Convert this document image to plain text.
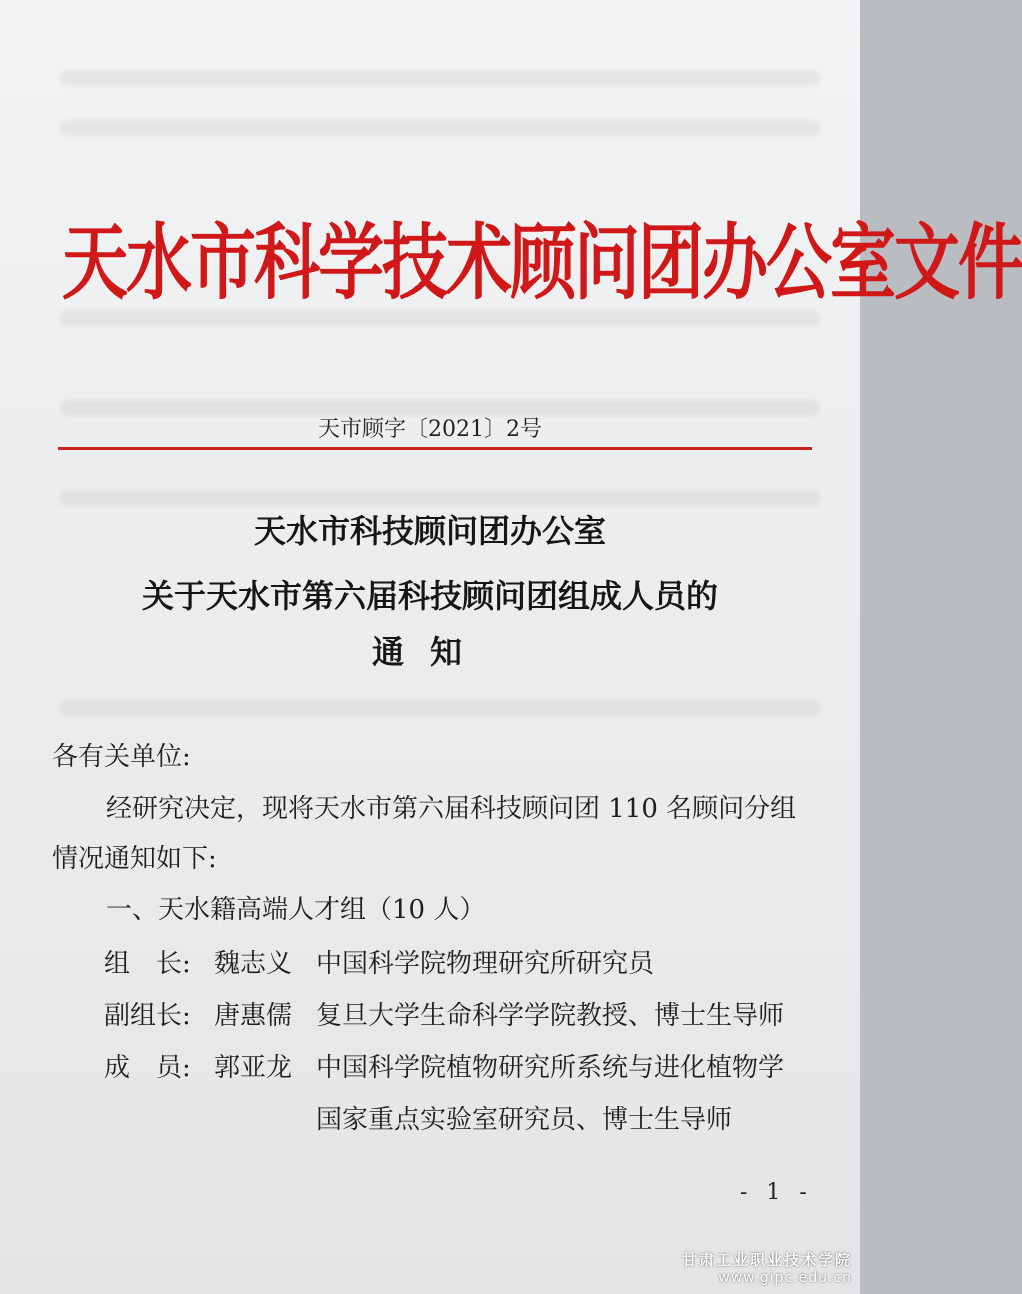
天水市科学技术顾问团办公室文件
天市顾字〔2021〕2号
天水市科技顾问团办公室
关于天水市第六届科技顾问团组成人员的
通知
各有关单位:
经研究决定，现将天水市第六届科技顾问团 110 名顾问分组
情况通知如下:
一、天水籍高端人才组（10 人）
组　长: 魏志义 中国科学院物理研究所研究员
副组长: 唐惠儒 复旦大学生命科学学院教授、博士生导师
成　员: 郭亚龙 中国科学院植物研究所系统与进化植物学
国家重点实验室研究员、博士生导师
- 1 -
甘肃工业职业技术学院
www.gipc.edu.cn
